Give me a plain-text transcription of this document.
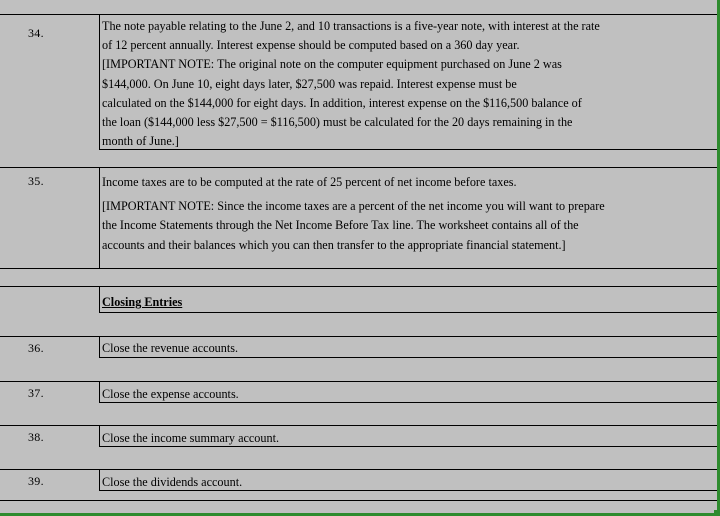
34.	The note payable relating to the June 2, and 10 transactions is a five-year note, with interest at the rate
of 12 percent annually. Interest expense should be computed based on a 360 day year.
[IMPORTANT NOTE: The original note on the computer equipment purchased on June 2 was
$144,000. On June 10, eight days later, $27,500 was repaid. Interest expense must be
calculated on the $144,000 for eight days. In addition, interest expense on the $116,500 balance of
the loan ($144,000 less $27,500 = $116,500) must be calculated for the 20 days remaining in the
month of June.]
35.	Income taxes are to be computed at the rate of 25 percent of net income before taxes.
[IMPORTANT NOTE: Since the income taxes are a percent of the net income you will want to prepare
the Income Statements through the Net Income Before Tax line. The worksheet contains all of the
accounts and their balances which you can then transfer to the appropriate financial statement.]
Closing Entries
36.	Close the revenue accounts.
37.	Close the expense accounts.
38.	Close the income summary account.
39.	Close the dividends account.
